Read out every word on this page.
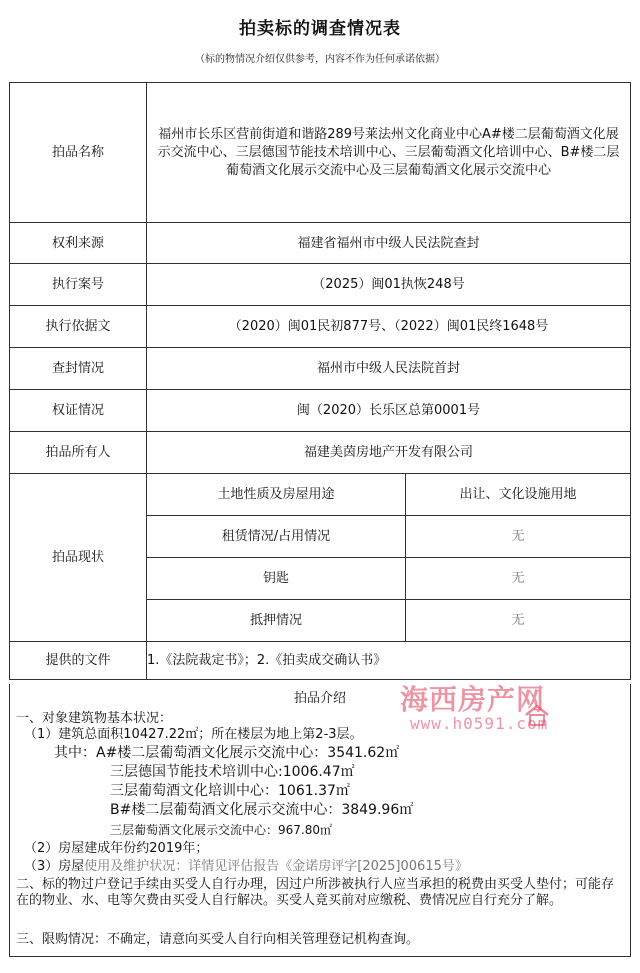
拍卖标的调查情况表
（标的物情况介绍仅供参考，内容不作为任何承诺依据）
拍品名称	福州市长乐区营前街道和谐路289号莱法州文化商业中心A#楼二层葡萄酒文化展示交流中心、三层德国节能技术培训中心、三层葡萄酒文化培训中心、B#楼二层葡萄酒文化展示交流中心及三层葡萄酒文化展示交流中心	
权利来源	福建省福州市中级人民法院查封	
执行案号	（2025）闽01执恢248号	
执行依据文	（2020）闽01民初877号、（2022）闽01民终1648号	
查封情况	福州市中级人民法院首封	
权证情况	闽（2020）长乐区总第0001号	
拍品所有人	福建美茵房地产开发有限公司	
拍品现状	土地性质及房屋用途	出让、文化设施用地
	租赁情况/占用情况	无
	钥匙	无
	抵押情况	无
提供的文件	1.《法院裁定书》；2.《拍卖成交确认书》	
拍品介绍
一、对象建筑物基本状况：
（1）建筑总面积10427.22㎡；所在楼层为地上第2-3层。
其中：A#楼二层葡萄酒文化展示交流中心：3541.62㎡
三层德国节能技术培训中心:1006.47㎡
三层葡萄酒文化培训中心：1061.37㎡
B#楼二层葡萄酒文化展示交流中心：3849.96㎡
三层葡萄酒文化展示交流中心：967.80㎡
（2）房屋建成年份约2019年；
（3）房屋使用及维护状况：详情见评估报告《金诺房评字[2025]00615号》
二、标的物过户登记手续由买受人自行办理，因过户所涉被执行人应当承担的税费由买受人垫付；可能存在的物业、水、电等欠费由买受人自行解决。买受人竟买前对应缴税、费情况应自行充分了解。
三、限购情况：不确定，请意向买受人自行向相关管理登记机构查询。
海西房产网
www.h0591.com
